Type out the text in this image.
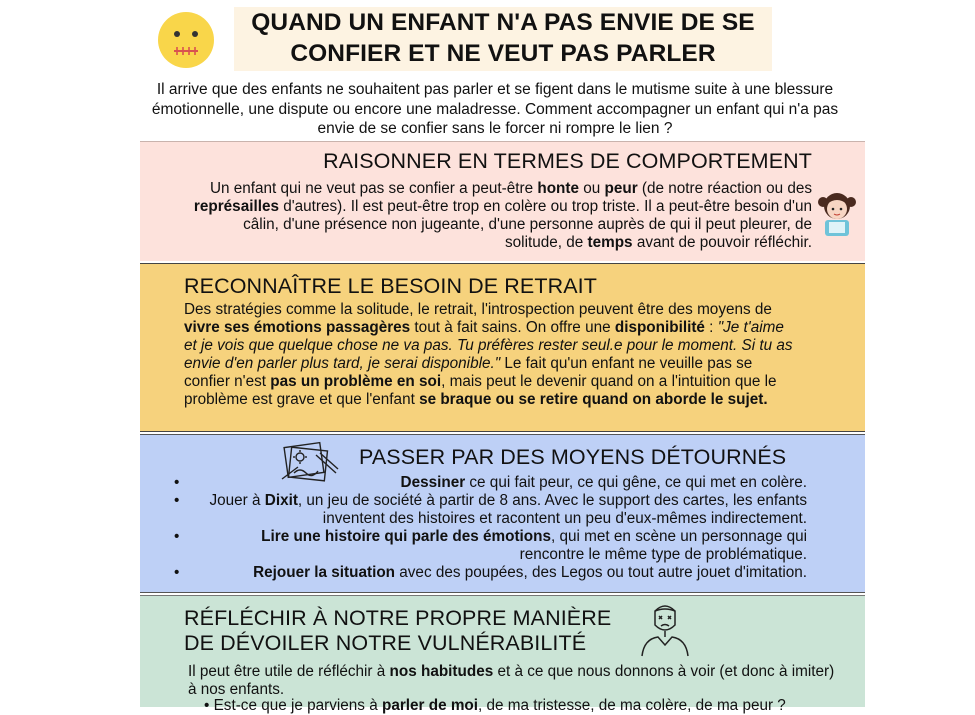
QUAND UN ENFANT N'A PAS ENVIE DE SE
CONFIER ET NE VEUT PAS PARLER
Il arrive que des enfants ne souhaitent pas parler et se figent dans le mutisme suite à une blessure émotionnelle, une dispute ou encore une maladresse. Comment accompagner un enfant qui n'a pas envie de se confier sans le forcer ni rompre le lien ?
RAISONNER EN TERMES DE COMPORTEMENT
Un enfant qui ne veut pas se confier a peut-être honte ou peur (de notre réaction ou des représailles d'autres). Il est peut-être trop en colère ou trop triste. Il a peut-être besoin d'un câlin, d'une présence non jugeante, d'une personne auprès de qui il peut pleurer, de solitude, de temps avant de pouvoir réfléchir.
RECONNAÎTRE LE BESOIN DE RETRAIT
Des stratégies comme la solitude, le retrait, l'introspection peuvent être des moyens de vivre ses émotions passagères tout à fait sains. On offre une disponibilité : "Je t'aime et je vois que quelque chose ne va pas. Tu préfères rester seul.e pour le moment. Si tu as envie d'en parler plus tard, je serai disponible." Le fait qu'un enfant ne veuille pas se confier n'est pas un problème en soi, mais peut le devenir quand on a l'intuition que le problème est grave et que l'enfant se braque ou se retire quand on aborde le sujet.
PASSER PAR DES MOYENS DÉTOURNÉS
•	Dessiner ce qui fait peur, ce qui gêne, ce qui met en colère.
•	Jouer à Dixit, un jeu de société à partir de 8 ans. Avec le support des cartes, les enfants inventent des histoires et racontent un peu d'eux-mêmes indirectement.
•	Lire une histoire qui parle des émotions, qui met en scène un personnage qui rencontre le même type de problématique.
•	Rejouer la situation avec des poupées, des Legos ou tout autre jouet d'imitation.
RÉFLÉCHIR À NOTRE PROPRE MANIÈRE
DE DÉVOILER NOTRE VULNÉRABILITÉ
Il peut être utile de réfléchir à nos habitudes et à ce que nous donnons à voir (et donc à imiter) à nos enfants.
• Est-ce que je parviens à parler de moi, de ma tristesse, de ma colère, de ma peur ?
